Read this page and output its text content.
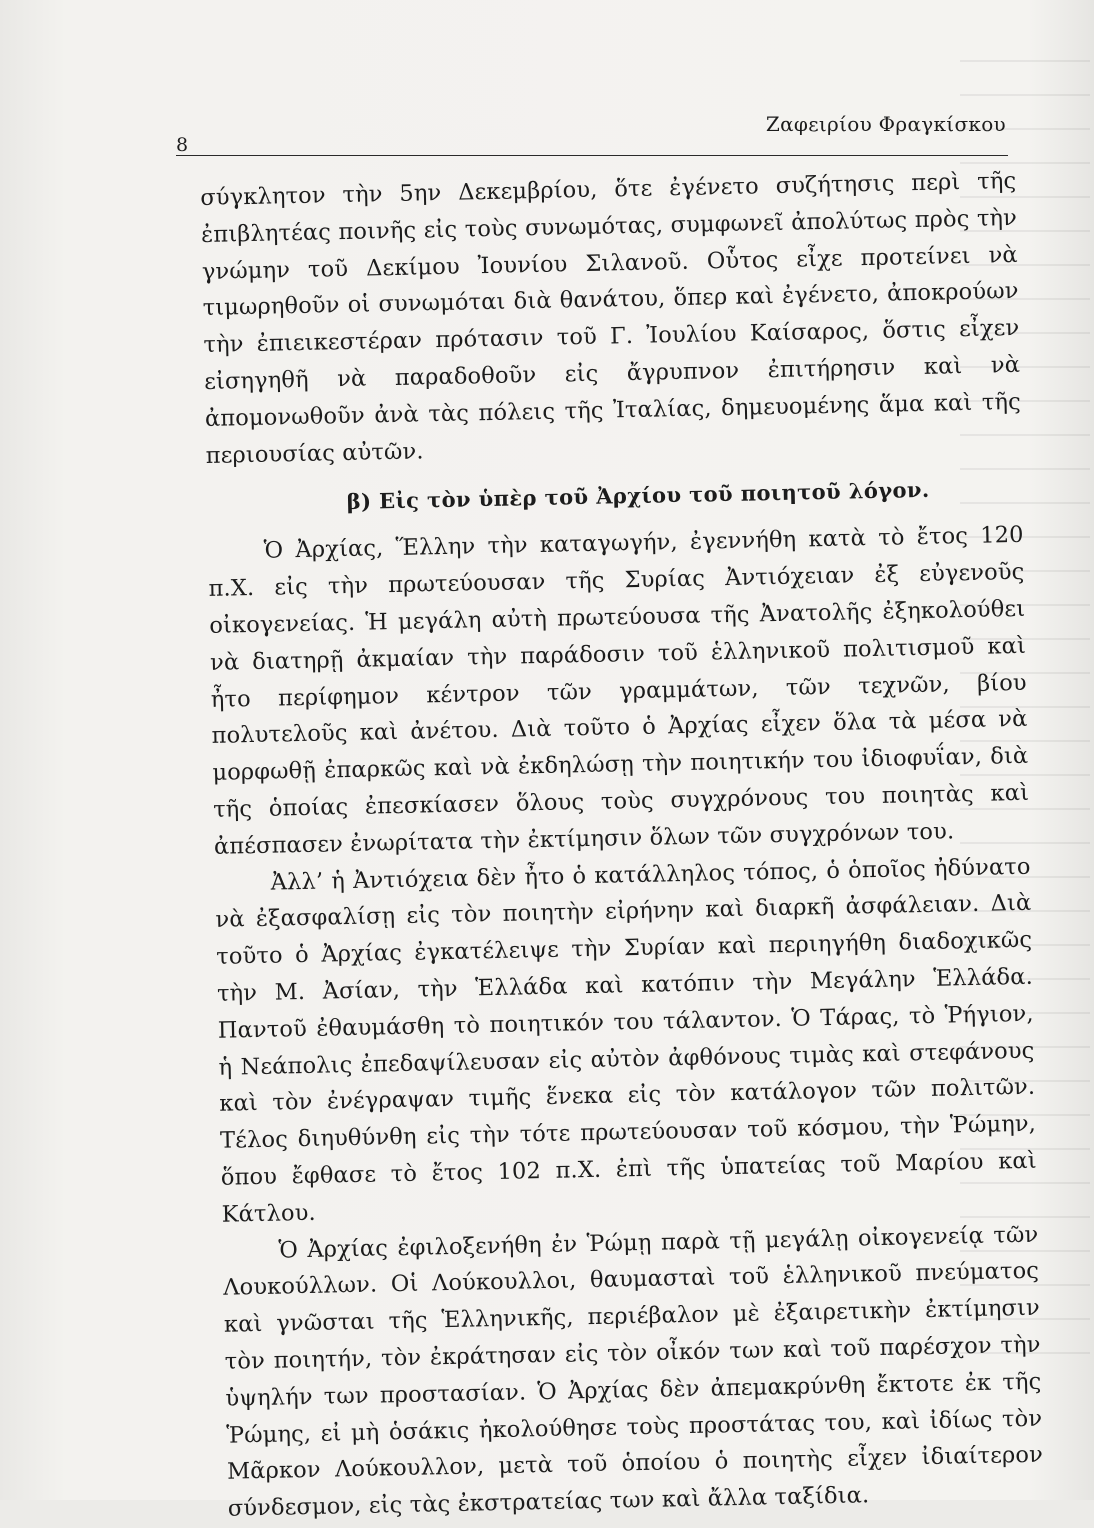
8
Ζαφειρίου Φραγκίσκου

σύγκλητον τὴν 5ην Δεκεμβρίου, ὅτε ἐγένετο συζήτησις περὶ τῆς ἐπιβλητέας ποινῆς εἰς τοὺς συνωμότας, συμφωνεῖ ἀπολύτως πρὸς τὴν γνώμην τοῦ Δεκίμου Ἰουνίου Σιλανοῦ. Οὗτος εἶχε προτείνει νὰ τιμωρηθοῦν οἱ συνωμόται διὰ θανάτου, ὅπερ καὶ ἐγένετο, ἀποκρούων τὴν ἐπιεικεστέραν πρότασιν τοῦ Γ. Ἰουλίου Καίσαρος, ὅστις εἶχεν εἰσηγηθῆ νὰ παραδοθοῦν εἰς ἄγρυπνον ἐπιτήρησιν καὶ νὰ ἀπομονωθοῦν ἀνὰ τὰς πόλεις τῆς Ἰταλίας, δημευομένης ἅμα καὶ τῆς περιουσίας αὐτῶν.

β) Εἰς τὸν ὑπὲρ τοῦ Ἀρχίου τοῦ ποιητοῦ λόγον.

Ὁ Ἀρχίας, Ἕλλην τὴν καταγωγήν, ἐγεννήθη κατὰ τὸ ἔτος 120 π.Χ. εἰς τὴν πρωτεύουσαν τῆς Συρίας Ἀντιόχειαν ἐξ εὐγενοῦς οἰκογενείας. Ἡ μεγάλη αὐτὴ πρωτεύουσα τῆς Ἀνατολῆς ἐξηκολούθει νὰ διατηρῇ ἀκμαίαν τὴν παράδοσιν τοῦ ἑλληνικοῦ πολιτισμοῦ καὶ ἦτο περίφημον κέντρον τῶν γραμμάτων, τῶν τεχνῶν, βίου πολυτελοῦς καὶ ἀνέτου. Διὰ τοῦτο ὁ Ἀρχίας εἶχεν ὅλα τὰ μέσα νὰ μορφωθῇ ἐπαρκῶς καὶ νὰ ἐκδηλώσῃ τὴν ποιητικήν του ἰδιοφυΐαν, διὰ τῆς ὁποίας ἐπεσκίασεν ὅλους τοὺς συγχρόνους του ποιητὰς καὶ ἀπέσπασεν ἐνωρίτατα τὴν ἐκτίμησιν ὅλων τῶν συγχρόνων του.

Ἀλλ’ ἡ Ἀντιόχεια δὲν ἦτο ὁ κατάλληλος τόπος, ὁ ὁποῖος ἠδύνατο νὰ ἐξασφαλίσῃ εἰς τὸν ποιητὴν εἰρήνην καὶ διαρκῆ ἀσφάλειαν. Διὰ τοῦτο ὁ Ἀρχίας ἐγκατέλειψε τὴν Συρίαν καὶ περιηγήθη διαδοχικῶς τὴν Μ. Ἀσίαν, τὴν Ἑλλάδα καὶ κατόπιν τὴν Μεγάλην Ἑλλάδα. Παντοῦ ἐθαυμάσθη τὸ ποιητικόν του τάλαντον. Ὁ Τάρας, τὸ Ῥήγιον, ἡ Νεάπολις ἐπεδαψίλευσαν εἰς αὐτὸν ἀφθόνους τιμὰς καὶ στεφάνους καὶ τὸν ἐνέγραψαν τιμῆς ἕνεκα εἰς τὸν κατάλογον τῶν πολιτῶν. Τέλος διηυθύνθη εἰς τὴν τότε πρωτεύουσαν τοῦ κόσμου, τὴν Ῥώμην, ὅπου ἔφθασε τὸ ἔτος 102 π.Χ. ἐπὶ τῆς ὑπατείας τοῦ Μαρίου καὶ Κάτλου.

Ὁ Ἀρχίας ἐφιλοξενήθη ἐν Ῥώμῃ παρὰ τῇ μεγάλῃ οἰκογενείᾳ τῶν Λουκούλλων. Οἱ Λούκουλλοι, θαυμασταὶ τοῦ ἑλληνικοῦ πνεύματος καὶ γνῶσται τῆς Ἑλληνικῆς, περιέβαλον μὲ ἐξαιρετικὴν ἐκτίμησιν τὸν ποιητήν, τὸν ἐκράτησαν εἰς τὸν οἶκόν των καὶ τοῦ παρέσχον τὴν ὑψηλήν των προστασίαν. Ὁ Ἀρχίας δὲν ἀπεμακρύνθη ἔκτοτε ἐκ τῆς Ῥώμης, εἰ μὴ ὁσάκις ἠκολούθησε τοὺς προστάτας του, καὶ ἰδίως τὸν Μᾶρκον Λούκουλλον, μετὰ τοῦ ὁποίου ὁ ποιητὴς εἶχεν ἰδιαίτερον σύνδεσμον, εἰς τὰς ἐκστρατείας των καὶ ἄλλα ταξίδια.
